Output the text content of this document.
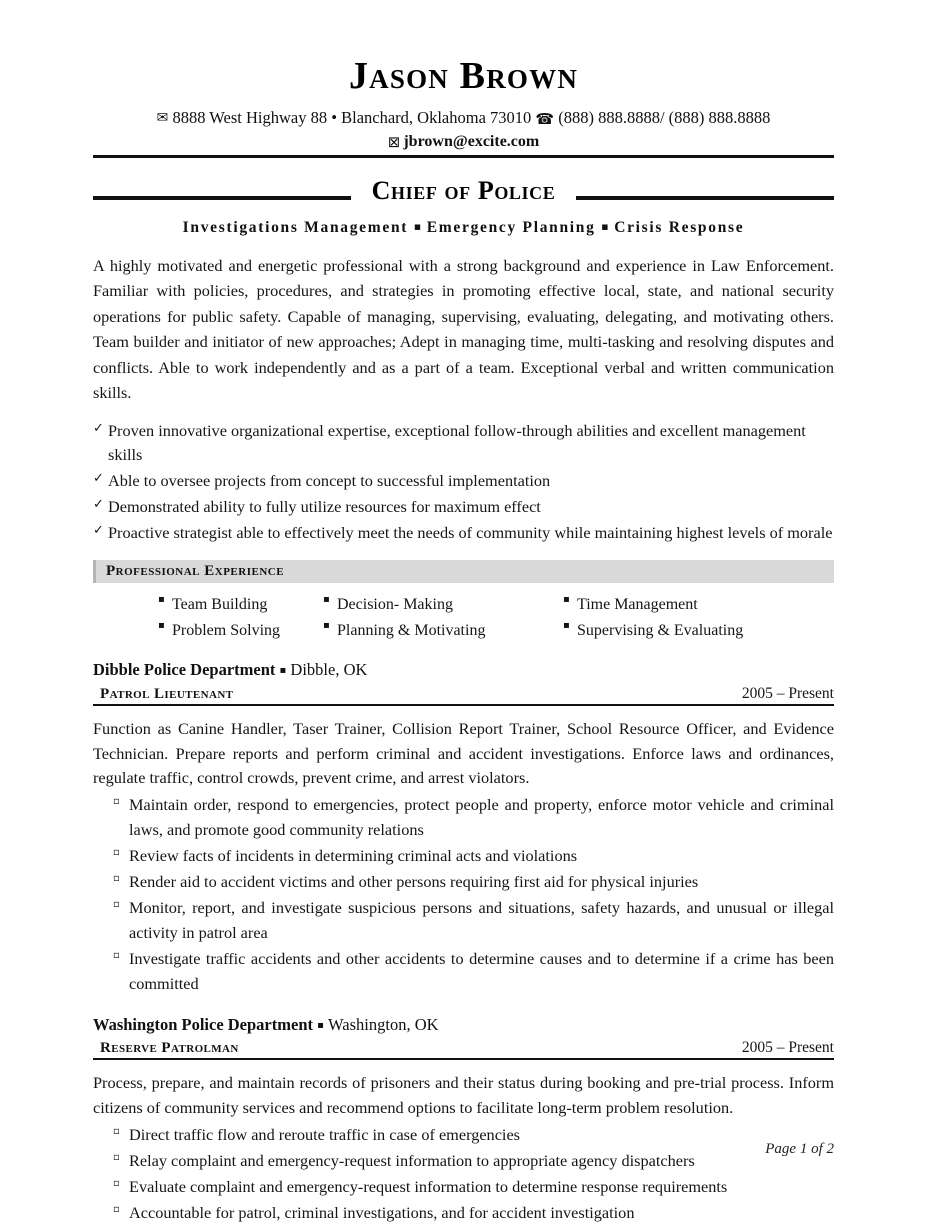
Jason Brown
✉ 8888 West Highway 88 • Blanchard, Oklahoma 73010 ☎ (888) 888.8888/ (888) 888.8888
⊠ jbrown@excite.com
Chief of Police
Investigations Management ▪ Emergency Planning ▪ Crisis Response
A highly motivated and energetic professional with a strong background and experience in Law Enforcement. Familiar with policies, procedures, and strategies in promoting effective local, state, and national security operations for public safety. Capable of managing, supervising, evaluating, delegating, and motivating others. Team builder and initiator of new approaches; Adept in managing time, multi-tasking and resolving disputes and conflicts. Able to work independently and as a part of a team. Exceptional verbal and written communication skills.
✓ Proven innovative organizational expertise, exceptional follow-through abilities and excellent management skills
✓ Able to oversee projects from concept to successful implementation
✓ Demonstrated ability to fully utilize resources for maximum effect
✓ Proactive strategist able to effectively meet the needs of community while maintaining highest levels of morale
Professional Experience
▪ Team Building	▪ Decision- Making	▪ Time Management
▪ Problem Solving	▪ Planning & Motivating	▪ Supervising & Evaluating
Dibble Police Department ▪ Dibble, OK
Patrol Lieutenant	2005 – Present
Function as Canine Handler, Taser Trainer, Collision Report Trainer, School Resource Officer, and Evidence Technician. Prepare reports and perform criminal and accident investigations. Enforce laws and ordinances, regulate traffic, control crowds, prevent crime, and arrest violators.
▫ Maintain order, respond to emergencies, protect people and property, enforce motor vehicle and criminal laws, and promote good community relations
▫ Review facts of incidents in determining criminal acts and violations
▫ Render aid to accident victims and other persons requiring first aid for physical injuries
▫ Monitor, report, and investigate suspicious persons and situations, safety hazards, and unusual or illegal activity in patrol area
▫ Investigate traffic accidents and other accidents to determine causes and to determine if a crime has been committed
Washington Police Department ▪ Washington, OK
Reserve Patrolman	2005 – Present
Process, prepare, and maintain records of prisoners and their status during booking and pre-trial process. Inform citizens of community services and recommend options to facilitate long-term problem resolution.
▫ Direct traffic flow and reroute traffic in case of emergencies
▫ Relay complaint and emergency-request information to appropriate agency dispatchers
▫ Evaluate complaint and emergency-request information to determine response requirements
▫ Accountable for patrol, criminal investigations, and for accident investigation
Page 1 of 2
